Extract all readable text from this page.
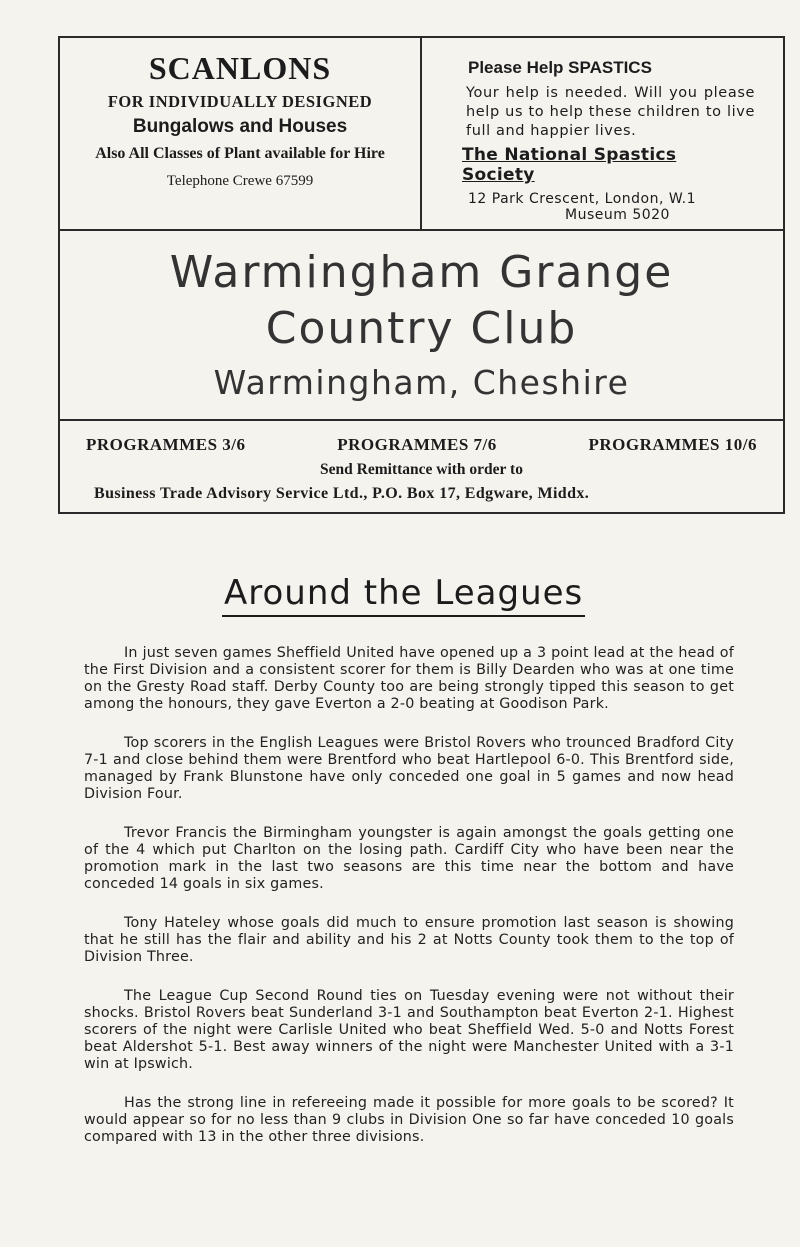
SCANLONS
FOR INDIVIDUALLY DESIGNED
Bungalows and Houses
Also All Classes of Plant available for Hire
Telephone Crewe 67599
Please Help SPASTICS
Your help is needed. Will you please help us to help these children to live full and happier lives.
The National Spastics Society
12 Park Crescent, London, W.1
Museum 5020
Warmingham Grange
Country Club
Warmingham, Cheshire
PROGRAMMES 3/6	PROGRAMMES 7/6	PROGRAMMES 10/6
Send Remittance with order to
Business Trade Advisory Service Ltd., P.O. Box 17, Edgware, Middx.
Around the Leagues

In just seven games Sheffield United have opened up a 3 point lead at the head of the First Division and a consistent scorer for them is Billy Dearden who was at one time on the Gresty Road staff. Derby County too are being strongly tipped this season to get among the honours, they gave Everton a 2-0 beating at Goodison Park.

Top scorers in the English Leagues were Bristol Rovers who trounced Bradford City 7-1 and close behind them were Brentford who beat Hartlepool 6-0. This Brentford side, managed by Frank Blunstone have only conceded one goal in 5 games and now head Division Four.

Trevor Francis the Birmingham youngster is again amongst the goals getting one of the 4 which put Charlton on the losing path. Cardiff City who have been near the promotion mark in the last two seasons are this time near the bottom and have conceded 14 goals in six games.

Tony Hateley whose goals did much to ensure promotion last season is showing that he still has the flair and ability and his 2 at Notts County took them to the top of Division Three.

The League Cup Second Round ties on Tuesday evening were not without their shocks. Bristol Rovers beat Sunderland 3-1 and Southampton beat Everton 2-1. Highest scorers of the night were Carlisle United who beat Sheffield Wed. 5-0 and Notts Forest beat Aldershot 5-1. Best away winners of the night were Manchester United with a 3-1 win at Ipswich.

Has the strong line in refereeing made it possible for more goals to be scored? It would appear so for no less than 9 clubs in Division One so far have conceded 10 goals compared with 13 in the other three divisions.
